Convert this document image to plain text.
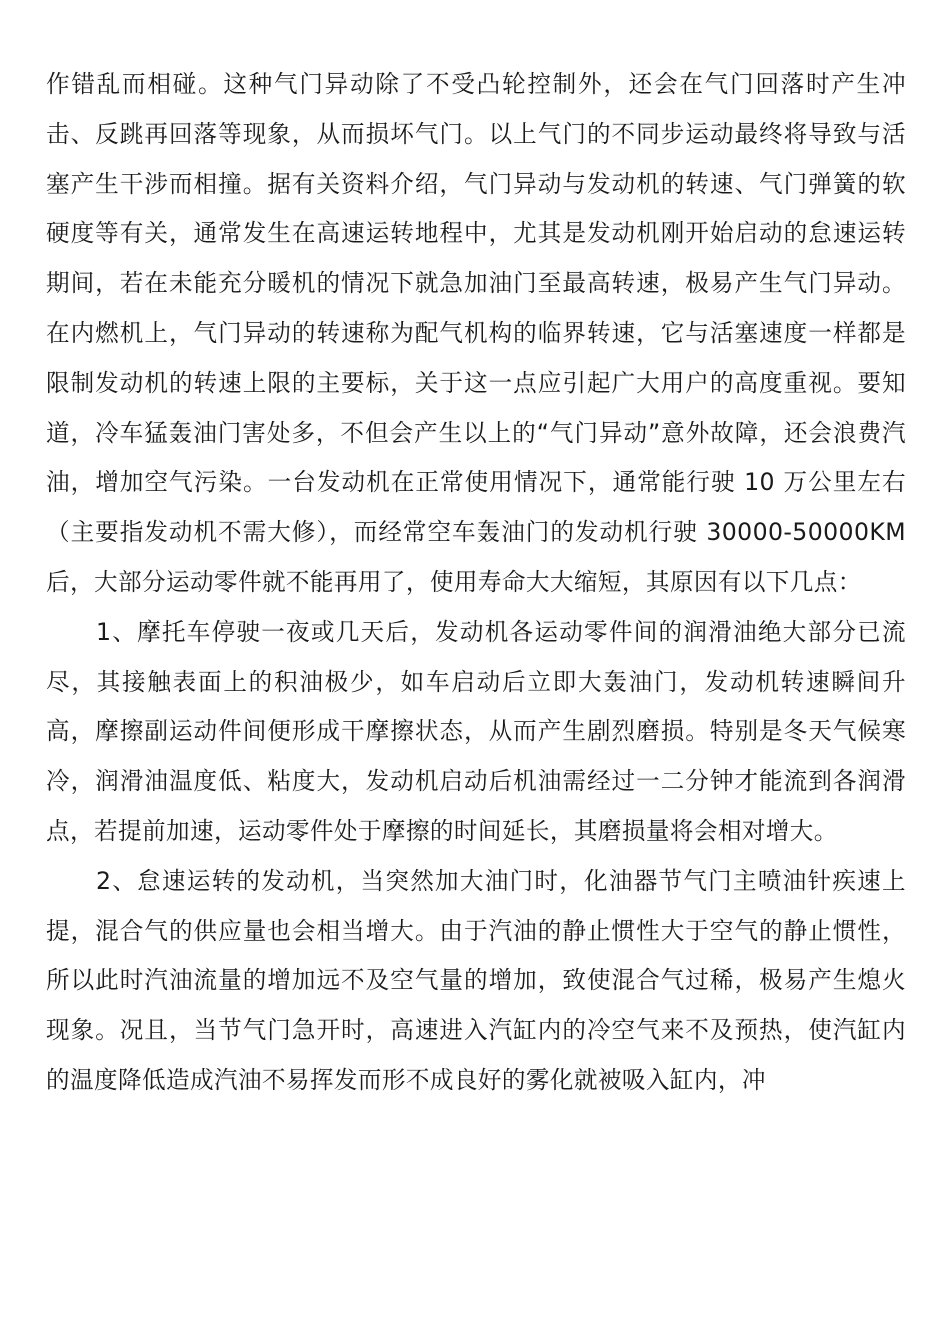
作错乱而相碰。这种气门异动除了不受凸轮控制外，还会在气门回落时产生冲击、反跳再回落等现象，从而损坏气门。以上气门的不同步运动最终将导致与活塞产生干涉而相撞。据有关资料介绍，气门异动与发动机的转速、气门弹簧的软硬度等有关，通常发生在高速运转地程中，尤其是发动机刚开始启动的怠速运转期间，若在未能充分暖机的情况下就急加油门至最高转速，极易产生气门异动。在内燃机上，气门异动的转速称为配气机构的临界转速，它与活塞速度一样都是限制发动机的转速上限的主要标，关于这一点应引起广大用户的高度重视。要知道，冷车猛轰油门害处多，不但会产生以上的“气门异动”意外故障，还会浪费汽油，增加空气污染。一台发动机在正常使用情况下，通常能行驶 10 万公里左右（主要指发动机不需大修），而经常空车轰油门的发动机行驶 30000-50000KM 后，大部分运动零件就不能再用了，使用寿命大大缩短，其原因有以下几点：

1、摩托车停驶一夜或几天后，发动机各运动零件间的润滑油绝大部分已流尽，其接触表面上的积油极少，如车启动后立即大轰油门，发动机转速瞬间升高，摩擦副运动件间便形成干摩擦状态，从而产生剧烈磨损。特别是冬天气候寒冷，润滑油温度低、粘度大，发动机启动后机油需经过一二分钟才能流到各润滑点，若提前加速，运动零件处于摩擦的时间延长，其磨损量将会相对增大。

2、怠速运转的发动机，当突然加大油门时，化油器节气门主喷油针疾速上提，混合气的供应量也会相当增大。由于汽油的静止惯性大于空气的静止惯性，所以此时汽油流量的增加远不及空气量的增加，致使混合气过稀，极易产生熄火现象。况且，当节气门急开时，高速进入汽缸内的冷空气来不及预热，使汽缸内的温度降低造成汽油不易挥发而形不成良好的雾化就被吸入缸内，冲
